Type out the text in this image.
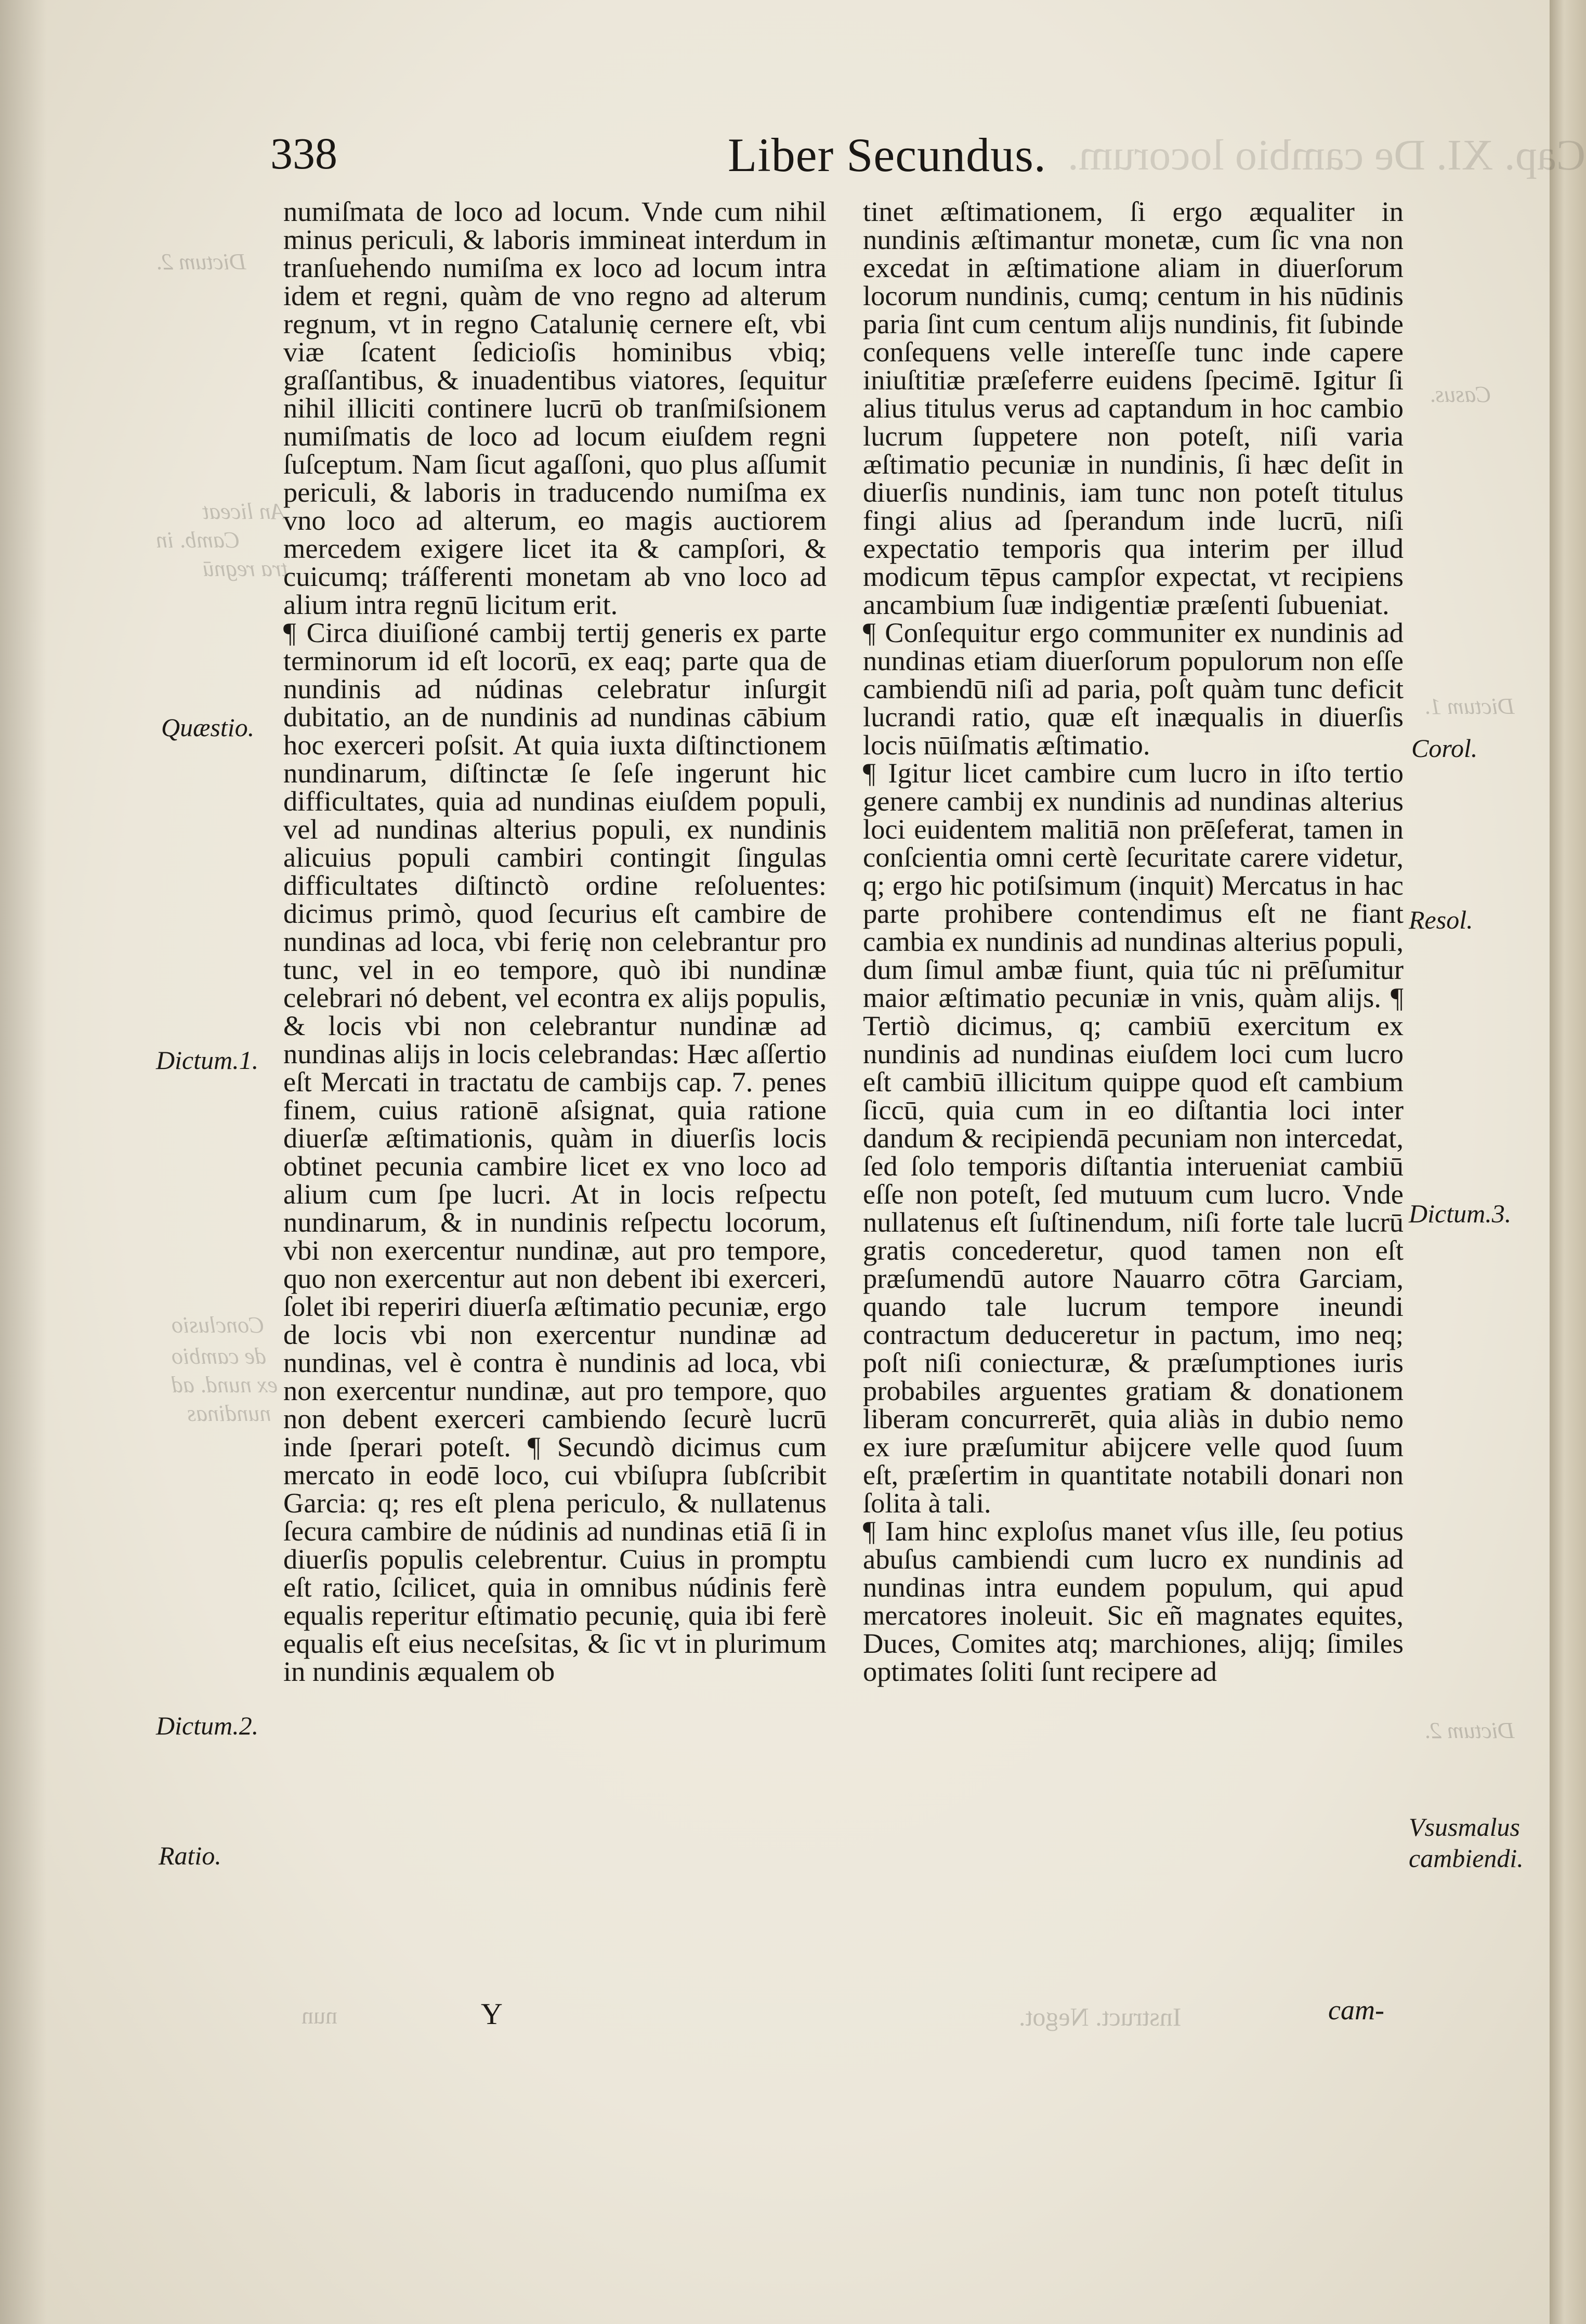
Cap. XI. De cambio locorum.
338	Liber Secundus.
Dictum 2.
An liceat
Camb. in
tra regnū
Conclusio
de cambio
ex nund. ad
nundinas
Casus.
Dictum 1.
Dictum 2.
Quæstio.
Dictum.1.
Dictum.2.
Ratio.
Corol.
Resol.
Dictum.3.
Vsusmalus
cambiendi.

numiſmata de loco ad locum. Vnde cum nihil minus periculi, & laboris immineat interdum in tranſuehendo numiſma ex loco ad locum intra idem et regni, quàm de vno regno ad alterum regnum, vt in regno Catalunię cernere eſt, vbi viæ ſcatent ſedicioſis hominibus vbiq; graſſantibus, & inuadentibus viatores, ſequitur nihil illiciti continere lucrū ob tranſmiſsionem numiſmatis de loco ad locum eiuſdem regni ſuſceptum. Nam ſicut agaſſoni, quo plus aſſumit periculi, & laboris in traducendo numiſma ex vno loco ad alterum, eo magis auctiorem mercedem exigere licet ita & campſori, & cuicumq; tráſferenti monetam ab vno loco ad alium intra regnū licitum erit.

¶ Circa diuiſioné cambij tertij generis ex parte terminorum id eſt locorū, ex eaq; parte qua de nundinis ad núdinas celebratur inſurgit dubitatio, an de nundinis ad nundinas cābium hoc exerceri poſsit. At quia iuxta diſtinctionem nundinarum, diſtinctæ ſe ſeſe ingerunt hic difficultates, quia ad nundinas eiuſdem populi, vel ad nundinas alterius populi, ex nundinis alicuius populi cambiri contingit ſingulas difficultates diſtinctò ordine reſoluentes: dicimus primò, quod ſecurius eſt cambire de nundinas ad loca, vbi ferię non celebrantur pro tunc, vel in eo tempore, quò ibi nundinæ celebrari nó debent, vel econtra ex alijs populis, & locis vbi non celebrantur nundinæ ad nundinas alijs in locis celebrandas: Hæc aſſertio eſt Mercati in tractatu de cambijs cap. 7. penes finem, cuius rationē aſsignat, quia ratione diuerſæ æſtimationis, quàm in diuerſis locis obtinet pecunia cambire licet ex vno loco ad alium cum ſpe lucri. At in locis reſpectu nundinarum, & in nundinis reſpectu locorum, vbi non exercentur nundinæ, aut pro tempore, quo non exercentur aut non debent ibi exerceri, ſolet ibi reperiri diuerſa æſtimatio pecuniæ, ergo de locis vbi non exercentur nundinæ ad nundinas, vel è contra è nundinis ad loca, vbi non exercentur nundinæ, aut pro tempore, quo non debent exerceri cambiendo ſecurè lucrū inde ſperari poteſt. ¶ Secundò dicimus cum mercato in eodē loco, cui vbiſupra ſubſcribit Garcia: q; res eſt plena periculo, & nullatenus ſecura cambire de núdinis ad nundinas etiā ſi in diuerſis populis celebrentur. Cuius in promptu eſt ratio, ſcilicet, quia in omnibus núdinis ferè equalis reperitur eſtimatio pecunię, quia ibi ferè equalis eſt eius neceſsitas, & ſic vt in plurimum in nundinis æqualem ob

tinet æſtimationem, ſi ergo æqualiter in nundinis æſtimantur monetæ, cum ſic vna non excedat in æſtimatione aliam in diuerſorum locorum nundinis, cumq; centum in his nūdinis paria ſint cum centum alijs nundinis, fit ſubinde conſequens velle intereſſe tunc inde capere iniuſtitiæ præſeferre euidens ſpecimē. Igitur ſi alius titulus verus ad captandum in hoc cambio lucrum ſuppetere non poteſt, niſi varia æſtimatio pecuniæ in nundinis, ſi hæc deſit in diuerſis nundinis, iam tunc non poteſt titulus fingi alius ad ſperandum inde lucrū, niſi expectatio temporis qua interim per illud modicum tēpus campſor expectat, vt recipiens ancambium ſuæ indigentiæ præſenti ſubueniat.

¶ Conſequitur ergo communiter ex nundinis ad nundinas etiam diuerſorum populorum non eſſe cambiendū niſi ad paria, poſt quàm tunc deficit lucrandi ratio, quæ eſt inæqualis in diuerſis locis nūiſmatis æſtimatio.

¶ Igitur licet cambire cum lucro in iſto tertio genere cambij ex nundinis ad nundinas alterius loci euidentem malitiā non prēſeferat, tamen in conſcientia omni certè ſecuritate carere videtur, q; ergo hic potiſsimum (inquit) Mercatus in hac parte prohibere contendimus eſt ne fiant cambia ex nundinis ad nundinas alterius populi, dum ſimul ambæ fiunt, quia túc ni prēſumitur maior æſtimatio pecuniæ in vnis, quàm alijs. ¶ Tertiò dicimus, q; cambiū exercitum ex nundinis ad nundinas eiuſdem loci cum lucro eſt cambiū illicitum quippe quod eſt cambium ſiccū, quia cum in eo diſtantia loci inter dandum & recipiendā pecuniam non intercedat, ſed ſolo temporis diſtantia interueniat cambiū eſſe non poteſt, ſed mutuum cum lucro. Vnde nullatenus eſt ſuſtinendum, niſi forte tale lucrū gratis concederetur, quod tamen non eſt præſumendū autore Nauarro cōtra Garciam, quando tale lucrum tempore ineundi contractum deduceretur in pactum, imo neq; poſt niſi coniecturæ, & præſumptiones iuris probabiles arguentes gratiam & donationem liberam concurrerēt, quia aliàs in dubio nemo ex iure præſumitur abijcere velle quod ſuum eſt, præſertim in quantitate notabili donari non ſolita à tali.

¶ Iam hinc exploſus manet vſus ille, ſeu potius abuſus cambiendi cum lucro ex nundinis ad nundinas intra eundem populum, qui apud mercatores inoleuit. Sic eñ magnates equites, Duces, Comites atq; marchiones, alijq; ſimiles optimates ſoliti ſunt recipere ad

nun	Y	Instruct. Negot.	cam-
